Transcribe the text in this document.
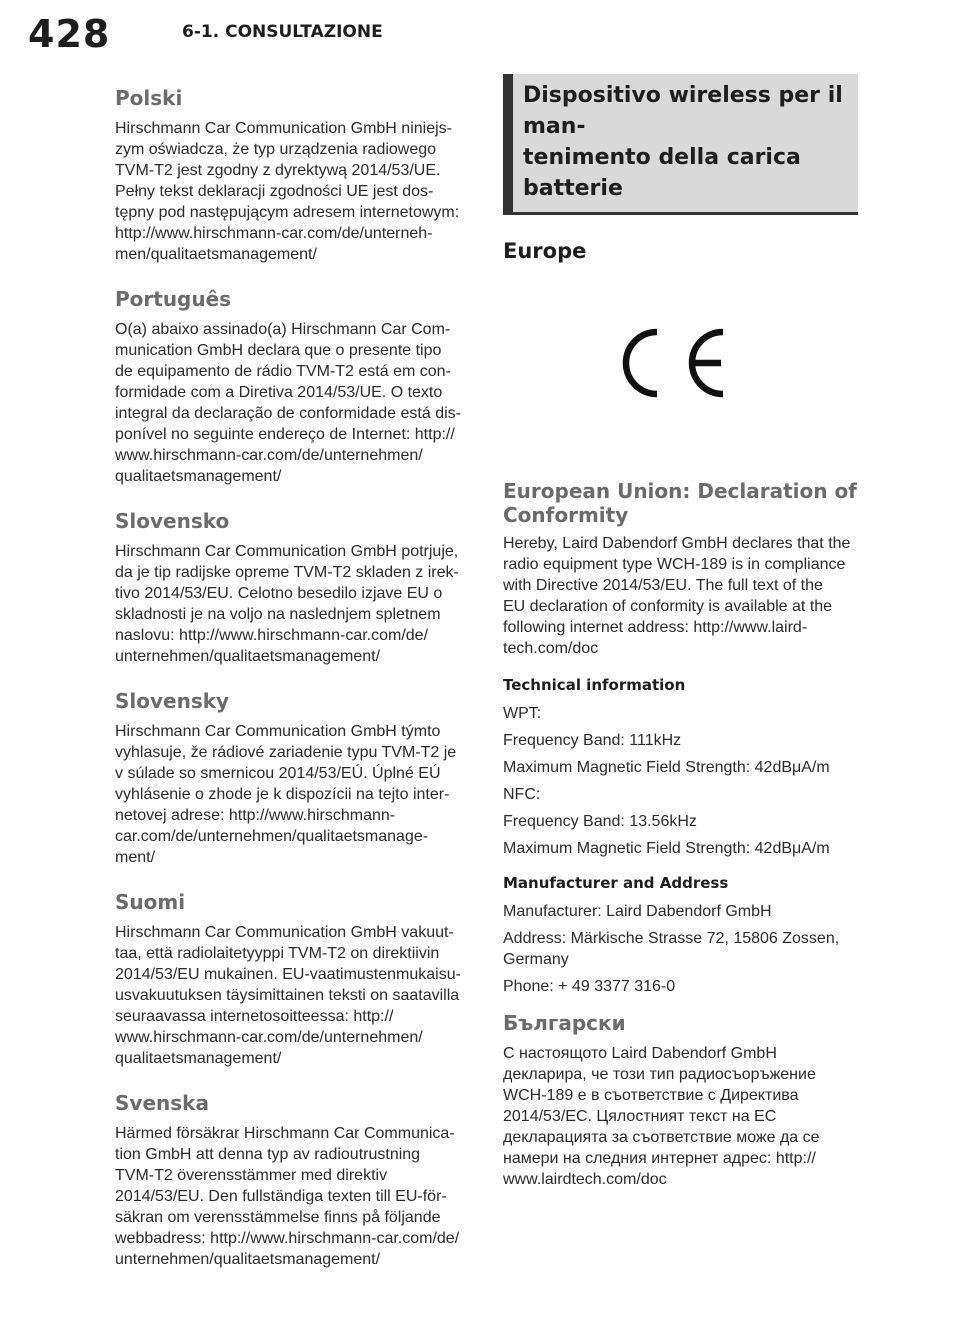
428	6-1. CONSULTAZIONE
Polski

Hirschmann Car Communication GmbH niniejs-
zym oświadcza, że typ urządzenia radiowego
TVM-T2 jest zgodny z dyrektywą 2014/53/UE.
Pełny tekst deklaracji zgodności UE jest dos-
tępny pod następującym adresem internetowym:
http://www.hirschmann-car.com/de/unterneh-
men/qualitaetsmanagement/

Português

O(a) abaixo assinado(a) Hirschmann Car Com-
munication GmbH declara que o presente tipo
de equipamento de rádio TVM-T2 está em con-
formidade com a Diretiva 2014/53/UE. O texto
integral da declaração de conformidade está dis-
ponível no seguinte endereço de Internet: http://
www.hirschmann-car.com/de/unternehmen/
qualitaetsmanagement/

Slovensko

Hirschmann Car Communication GmbH potrjuje,
da je tip radijske opreme TVM-T2 skladen z irek-
tivo 2014/53/EU. Celotno besedilo izjave EU o
skladnosti je na voljo na naslednjem spletnem
naslovu: http://www.hirschmann-car.com/de/
unternehmen/qualitaetsmanagement/

Slovensky

Hirschmann Car Communication GmbH týmto
vyhlasuje, že rádiové zariadenie typu TVM-T2 je
v súlade so smernicou 2014/53/EÚ. Úplné EÚ
vyhlásenie o zhode je k dispozícii na tejto inter-
netovej adrese: http://www.hirschmann-
car.com/de/unternehmen/qualitaetsmanage-
ment/

Suomi

Hirschmann Car Communication GmbH vakuut-
taa, että radiolaitetyyppi TVM-T2 on direktiivin
2014/53/EU mukainen. EU-vaatimustenmukaisu-
usvakuutuksen täysimittainen teksti on saatavilla
seuraavassa internetosoitteessa: http://
www.hirschmann-car.com/de/unternehmen/
qualitaetsmanagement/

Svenska

Härmed försäkrar Hirschmann Car Communica-
tion GmbH att denna typ av radioutrustning
TVM-T2 överensstämmer med direktiv
2014/53/EU. Den fullständiga texten till EU-för-
säkran om verensstämmelse finns på följande
webbadress: http://www.hirschmann-car.com/de/
unternehmen/qualitaetsmanagement/

Dispositivo wireless per il man-
tenimento della carica batterie
Europe
European Union: Declaration of
Conformity

Hereby, Laird Dabendorf GmbH declares that the
radio equipment type WCH-189 is in compliance
with Directive 2014/53/EU. The full text of the
EU declaration of conformity is available at the
following internet address: http://www.laird-
tech.com/doc

Technical information

WPT:

Frequency Band: 111kHz

Maximum Magnetic Field Strength: 42dBμA/m

NFC:

Frequency Band: 13.56kHz

Maximum Magnetic Field Strength: 42dBμA/m

Manufacturer and Address

Manufacturer: Laird Dabendorf GmbH

Address: Märkische Strasse 72, 15806 Zossen, Germany

Phone: + 49 3377 316-0

Български

С настоящото Laird Dabendorf GmbH
декларира, че този тип радиосъоръжение
WCH-189 е в съответствие с Директива
2014/53/ЕС. Цялостният текст на ЕС
декларацията за съответствие може да се
намери на следния интернет адрес: http://
www.lairdtech.com/doc
